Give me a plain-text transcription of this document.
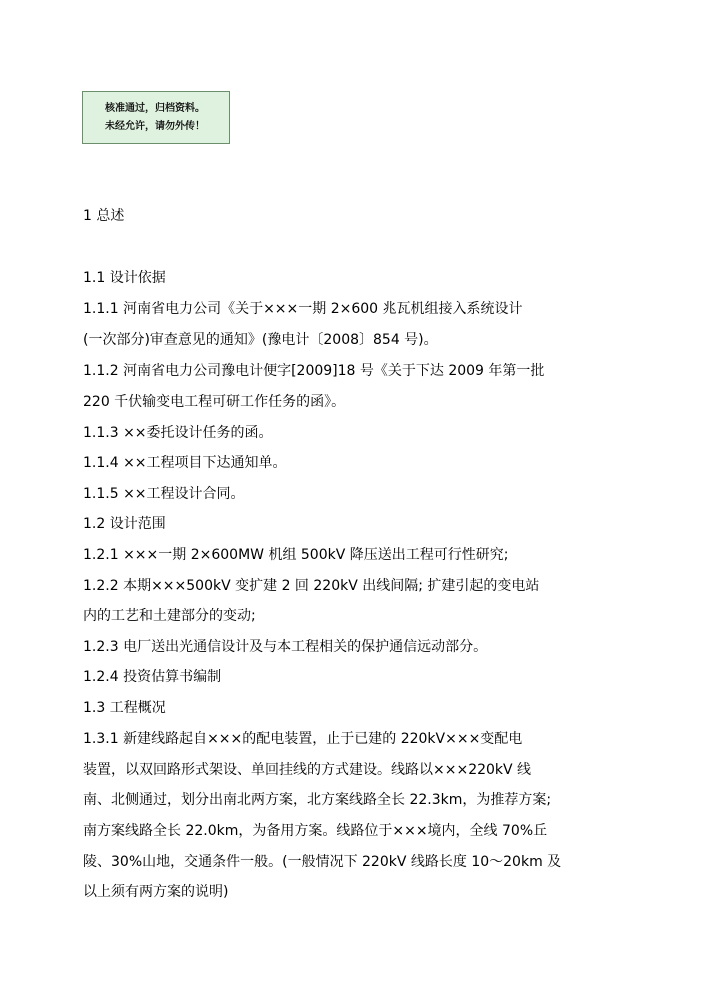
核准通过，归档资料。
未经允许，请勿外传！

1 总述

1.1 设计依据

1.1.1 河南省电力公司《关于×××一期 2×600 兆瓦机组接入系统设计

(一次部分)审查意见的通知》(豫电计〔2008〕854 号)。

1.1.2 河南省电力公司豫电计便字[2009]18 号《关于下达 2009 年第一批

220 千伏输变电工程可研工作任务的函》。

1.1.3 ××委托设计任务的函。

1.1.4 ××工程项目下达通知单。

1.1.5 ××工程设计合同。

1.2 设计范围

1.2.1 ×××一期 2×600MW 机组 500kV 降压送出工程可行性研究;

1.2.2 本期×××500kV 变扩建 2 回 220kV 出线间隔; 扩建引起的变电站

内的工艺和土建部分的变动;

1.2.3 电厂送出光通信设计及与本工程相关的保护通信远动部分。

1.2.4 投资估算书编制

1.3 工程概况

1.3.1 新建线路起自×××的配电装置，止于已建的 220kV×××变配电

装置，以双回路形式架设、单回挂线的方式建设。线路以×××220kV 线

南、北侧通过，划分出南北两方案，北方案线路全长 22.3km，为推荐方案;

南方案线路全长 22.0km，为备用方案。线路位于×××境内，全线 70%丘

陵、30%山地，交通条件一般。(一般情况下 220kV 线路长度 10～20km 及

以上须有两方案的说明)
